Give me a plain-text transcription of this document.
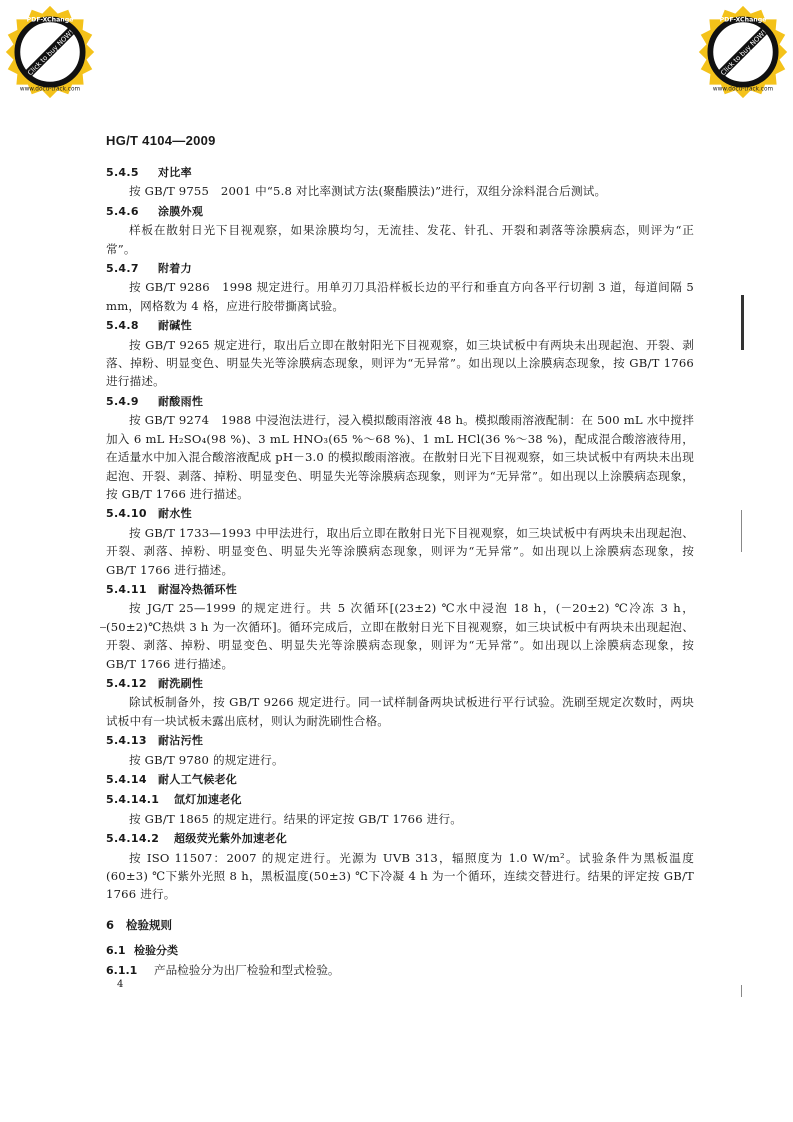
PDF-XChange
Click to buy NOW!
www.docu-track.com
PDF-XChange
Click to buy NOW!
www.docu-track.com
HG/T 4104—2009
5.4.5 对比率
按 GB/T 9755　2001 中“5.8 对比率测试方法(聚酯膜法)”进行，双组分涂料混合后测试。
5.4.6 涂膜外观
样板在散射日光下目视观察，如果涂膜均匀，无流挂、发花、针孔、开裂和剥落等涂膜病态，则评为“正常”。
5.4.7 附着力
按 GB/T 9286　1998 规定进行。用单刃刀具沿样板长边的平行和垂直方向各平行切割 3 道，每道间隔 5 mm，网格数为 4 格，应进行胶带撕离试验。
5.4.8 耐碱性
按 GB/T 9265 规定进行，取出后立即在散射阳光下目视观察，如三块试板中有两块未出现起泡、开裂、剥落、掉粉、明显变色、明显失光等涂膜病态现象，则评为“无异常”。如出现以上涂膜病态现象，按 GB/T 1766 进行描述。
5.4.9 耐酸雨性
按 GB/T 9274　1988 中浸泡法进行，浸入模拟酸雨溶液 48 h。模拟酸雨溶液配制：在 500 mL 水中搅拌加入 6 mL H₂SO₄(98 %)、3 mL HNO₃(65 %～68 %)、1 mL HCl(36 %～38 %)，配成混合酸溶液待用，在适量水中加入混合酸溶液配成 pH－3.0 的模拟酸雨溶液。在散射日光下目视观察，如三块试板中有两块未出现起泡、开裂、剥落、掉粉、明显变色、明显失光等涂膜病态现象，则评为“无异常”。如出现以上涂膜病态现象，按 GB/T 1766 进行描述。
5.4.10 耐水性
按 GB/T 1733—1993 中甲法进行，取出后立即在散射日光下目视观察，如三块试板中有两块未出现起泡、开裂、剥落、掉粉、明显变色、明显失光等涂膜病态现象，则评为“无异常”。如出现以上涂膜病态现象，按 GB/T 1766 进行描述。
5.4.11 耐湿冷热循环性
按 JG/T 25—1999 的规定进行。共 5 次循环[(23±2) ℃水中浸泡 18 h，(－20±2) ℃冷冻 3 h，(50±2)℃热烘 3 h 为一次循环]。循环完成后，立即在散射日光下目视观察，如三块试板中有两块未出现起泡、开裂、剥落、掉粉、明显变色、明显失光等涂膜病态现象，则评为“无异常”。如出现以上涂膜病态现象，按 GB/T 1766 进行描述。
5.4.12 耐洗刷性
除试板制备外，按 GB/T 9266 规定进行。同一试样制备两块试板进行平行试验。洗刷至规定次数时，两块试板中有一块试板未露出底材，则认为耐洗刷性合格。
5.4.13 耐沾污性
按 GB/T 9780 的规定进行。
5.4.14 耐人工气候老化
5.4.14.1 氙灯加速老化
按 GB/T 1865 的规定进行。结果的评定按 GB/T 1766 进行。
5.4.14.2 超级荧光紫外加速老化
按 ISO 11507：2007 的规定进行。光源为 UVB 313，辐照度为 1.0 W/m²。试验条件为黑板温度(60±3) ℃下紫外光照 8 h，黑板温度(50±3) ℃下冷凝 4 h 为一个循环，连续交替进行。结果的评定按 GB/T 1766 进行。
6 检验规则
6.1 检验分类
6.1.1 产品检验分为出厂检验和型式检验。
4
